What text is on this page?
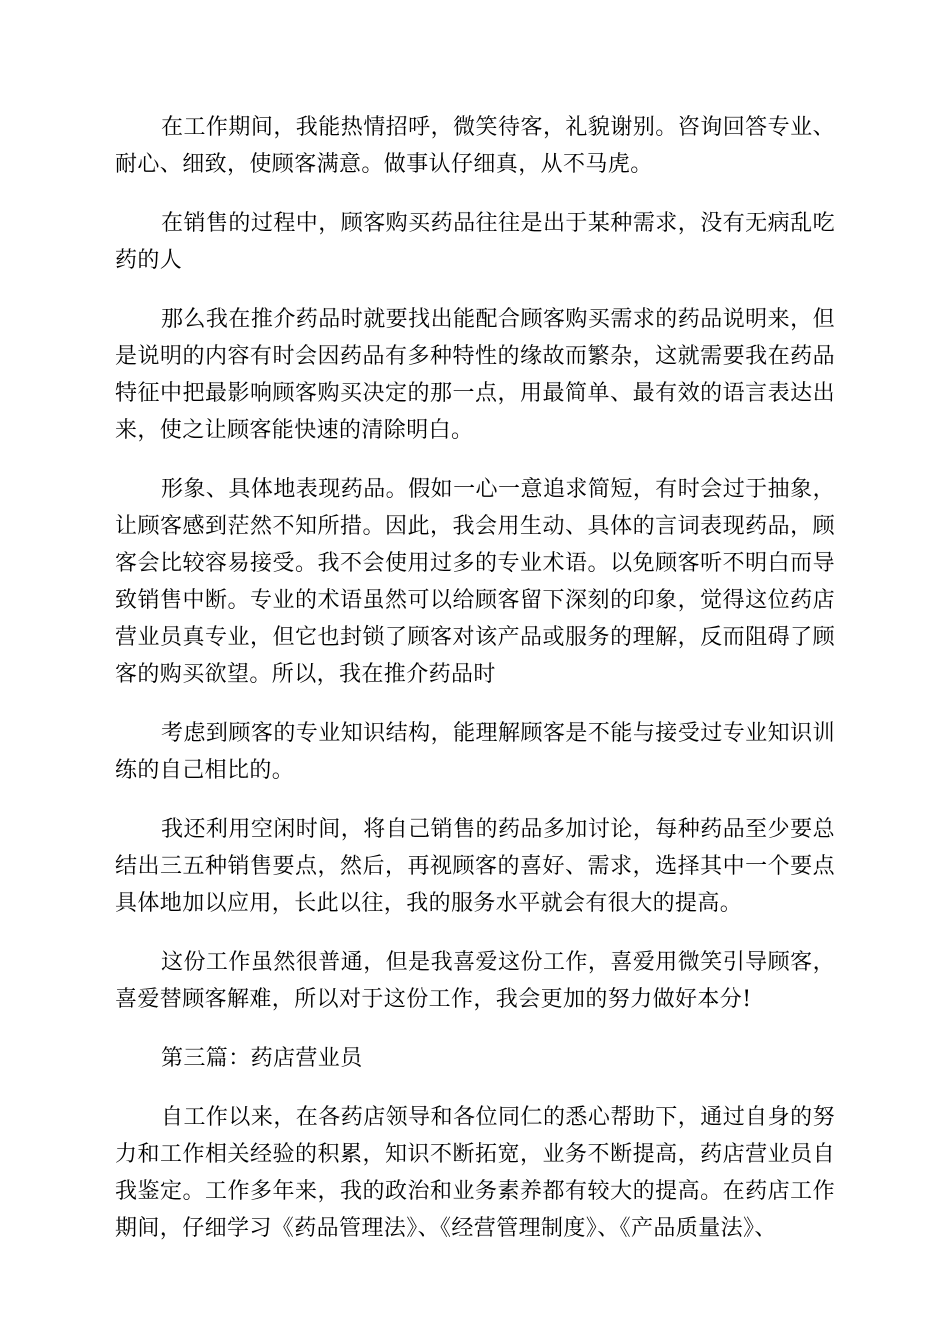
在工作期间，我能热情招呼，微笑待客，礼貌谢别。咨询回答专业、耐心、细致，使顾客满意。做事认仔细真，从不马虎。

在销售的过程中，顾客购买药品往往是出于某种需求，没有无病乱吃药的人

那么我在推介药品时就要找出能配合顾客购买需求的药品说明来，但是说明的内容有时会因药品有多种特性的缘故而繁杂，这就需要我在药品特征中把最影响顾客购买决定的那一点，用最简单、最有效的语言表达出来，使之让顾客能快速的清除明白。

形象、具体地表现药品。假如一心一意追求简短，有时会过于抽象，让顾客感到茫然不知所措。因此，我会用生动、具体的言词表现药品，顾客会比较容易接受。我不会使用过多的专业术语。以免顾客听不明白而导致销售中断。专业的术语虽然可以给顾客留下深刻的印象，觉得这位药店营业员真专业，但它也封锁了顾客对该产品或服务的理解，反而阻碍了顾客的购买欲望。所以，我在推介药品时

考虑到顾客的专业知识结构，能理解顾客是不能与接受过专业知识训练的自己相比的。

我还利用空闲时间，将自己销售的药品多加讨论，每种药品至少要总结出三五种销售要点，然后，再视顾客的喜好、需求，选择其中一个要点具体地加以应用，长此以往，我的服务水平就会有很大的提高。

这份工作虽然很普通，但是我喜爱这份工作，喜爱用微笑引导顾客，喜爱替顾客解难，所以对于这份工作，我会更加的努力做好本分!

第三篇：药店营业员

自工作以来，在各药店领导和各位同仁的悉心帮助下，通过自身的努力和工作相关经验的积累，知识不断拓宽，业务不断提高，药店营业员自我鉴定。工作多年来，我的政治和业务素养都有较大的提高。在药店工作期间，仔细学习《药品管理法》、《经营管理制度》、《产品质量法》、
